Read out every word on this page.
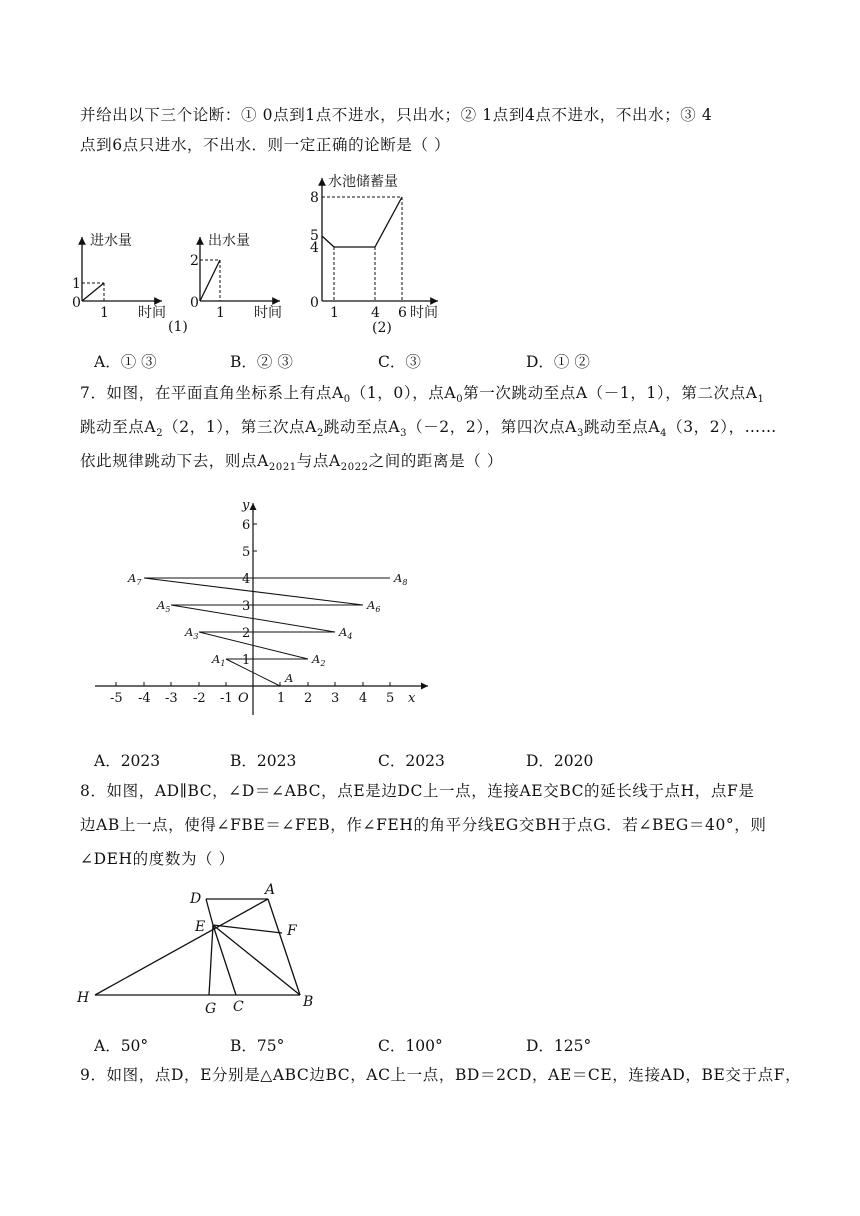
并给出以下三个论断：① 0点到1点不进水，只出水；② 1点到4点不进水，不出水；③ 4
点到6点只进水，不出水．则一定正确的论断是（ ）
进水量
时间
1
0
1
(1)
出水量
时间
2
0
1
水池储蓄量
时间
8
5
4
0
1 4 6
(2)
A．① ③	B．② ③	C．③	D．① ②
7．如图，在平面直角坐标系上有点$A_0(1$，0），点$A_0$第一次跳动至点A（－1，1），第二次点$A_1$
跳动至点$A_2(2$，1），第三次点$A_2$跳动至点$A_3(-2$，2），第四次点$A_3$跳动至点$A_4(3$，2），……
依此规律跳动下去，则点$A_{2021}$与点$A_{2022}$之间的距离是（ ）
-5 -4 -3 -2 -1	1 2 3 4 5
1
2
3
4
5
6
O	x
y
A
$A_1$	$A_2$
$A_3$	$A_4$
$A_5$	$A_6$
$A_7$	$A_8$
A．2023	B．2023	C．2023	D．2020
8．如图，AD∥BC，∠D＝∠ABC，点E是边DC上一点，连接AE交BC的延长线于点H，点F是
边AB上一点，使得∠FBE＝∠FEB，作∠FEH的角平分线EG交BH于点G．若∠BEG＝40°，则
∠DEH的度数为（ ）
D
A
E	F
H
G C	B
A．50°	B．75°	C．100°	D．125°
9．如图，点D，E分别是△ABC边BC，AC上一点，BD＝2CD，AE＝CE，连接AD，BE交于点F，
